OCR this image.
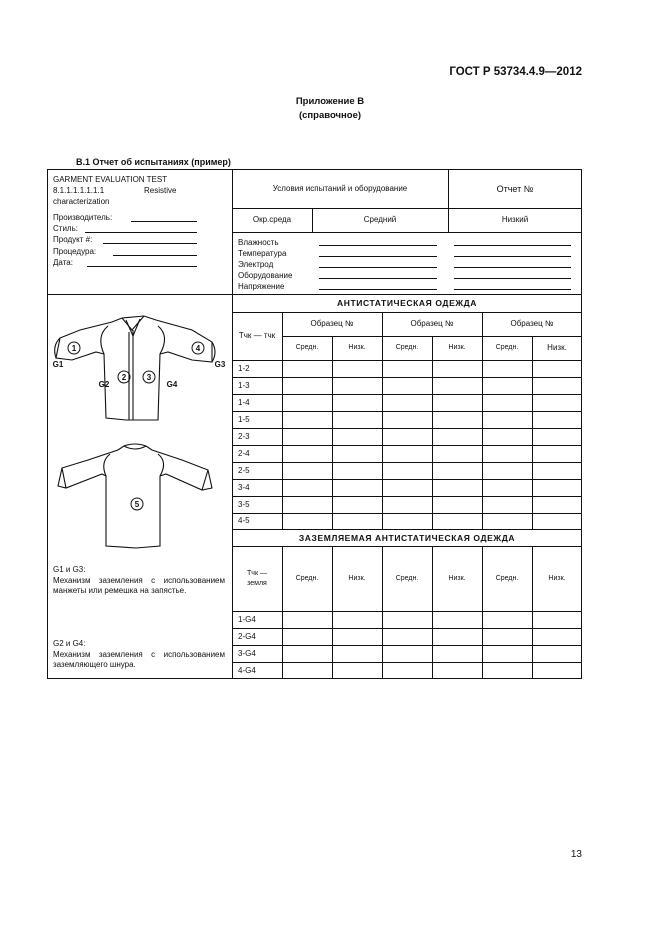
ГОСТ Р 53734.4.9—2012
Приложение В
(справочное)
В.1 Отчет об испытаниях (пример)
GARMENT EVALUATION TEST
8.1.1.1.1.1.1.1	Resistive
characterization
Производитель:
Стиль:
Продукт #:
Процедура:
Дата:
Условия испытаний и оборудование	Отчет №
Окр.среда	Средний	Низкий
Влажность
Температура
Электрод
Оборудование
Напряжение
АНТИСТАТИЧЕСКАЯ ОДЕЖДА
Тчк — тчк
Образец №	Образец №	Образец №
Средн.	Низк.	Средн.	Низк.	Средн.	Низк.
1-2
1-3
1-4
1-5
2-3
2-4
2-5
3-4
3-5
4-5
ЗАЗЕМЛЯЕМАЯ АНТИСТАТИЧЕСКАЯ ОДЕЖДА
Тчк —
земля
Средн.	Низк.	Средн.	Низк.	Средн.	Низк.
1-G4
2-G4
3-G4
4-G4
1
2	3
4
5
G1
G2
G3
G4
G1 и G3:
Механизм заземления с использованием манжеты или ремешка на запястье.
G2 и G4:
Механизм заземления с использованием заземляющего шнура.
13
